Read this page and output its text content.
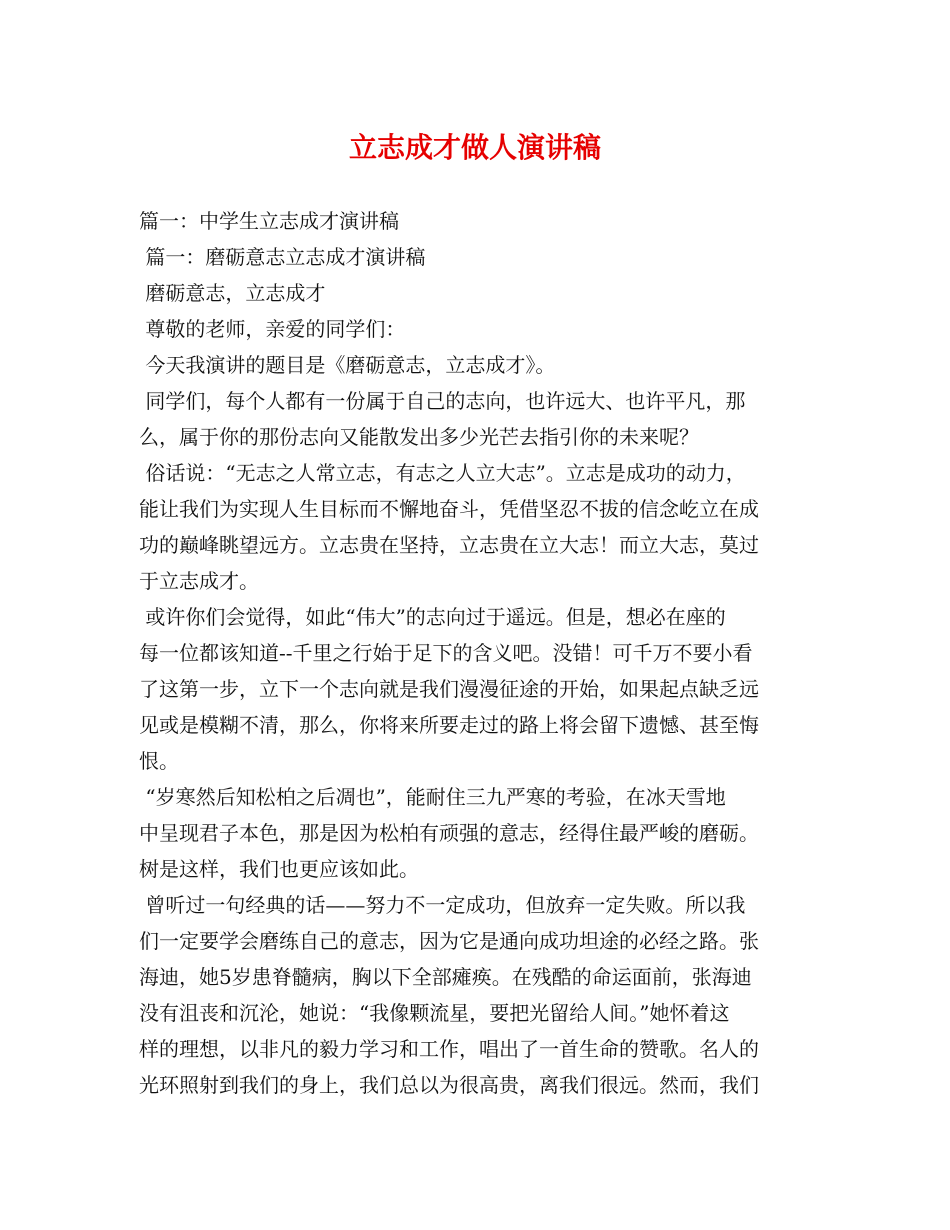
立志成才做人演讲稿
篇一：中学生立志成才演讲稿
篇一：磨砺意志立志成才演讲稿
磨砺意志，立志成才
尊敬的老师，亲爱的同学们：
今天我演讲的题目是《磨砺意志，立志成才》。
同学们，每个人都有一份属于自己的志向，也许远大、也许平凡，那
么，属于你的那份志向又能散发出多少光芒去指引你的未来呢？
俗话说：“无志之人常立志，有志之人立大志”。立志是成功的动力，
能让我们为实现人生目标而不懈地奋斗，凭借坚忍不拔的信念屹立在成
功的巅峰眺望远方。立志贵在坚持，立志贵在立大志！而立大志，莫过
于立志成才。
或许你们会觉得，如此“伟大”的志向过于遥远。但是，想必在座的
每一位都该知道--千里之行始于足下的含义吧。没错！可千万不要小看
了这第一步，立下一个志向就是我们漫漫征途的开始，如果起点缺乏远
见或是模糊不清，那么，你将来所要走过的路上将会留下遗憾、甚至悔
恨。
“岁寒然后知松柏之后凋也”，能耐住三九严寒的考验，在冰天雪地
中呈现君子本色，那是因为松柏有顽强的意志，经得住最严峻的磨砺。
树是这样，我们也更应该如此。
曾听过一句经典的话——努力不一定成功，但放弃一定失败。所以我
们一定要学会磨练自己的意志，因为它是通向成功坦途的必经之路。张
海迪，她5岁患脊髓病，胸以下全部瘫痪。在残酷的命运面前，张海迪
没有沮丧和沉沦，她说：“我像颗流星，要把光留给人间。”她怀着这
样的理想，以非凡的毅力学习和工作，唱出了一首生命的赞歌。名人的
光环照射到我们的身上，我们总以为很高贵，离我们很远。然而，我们
